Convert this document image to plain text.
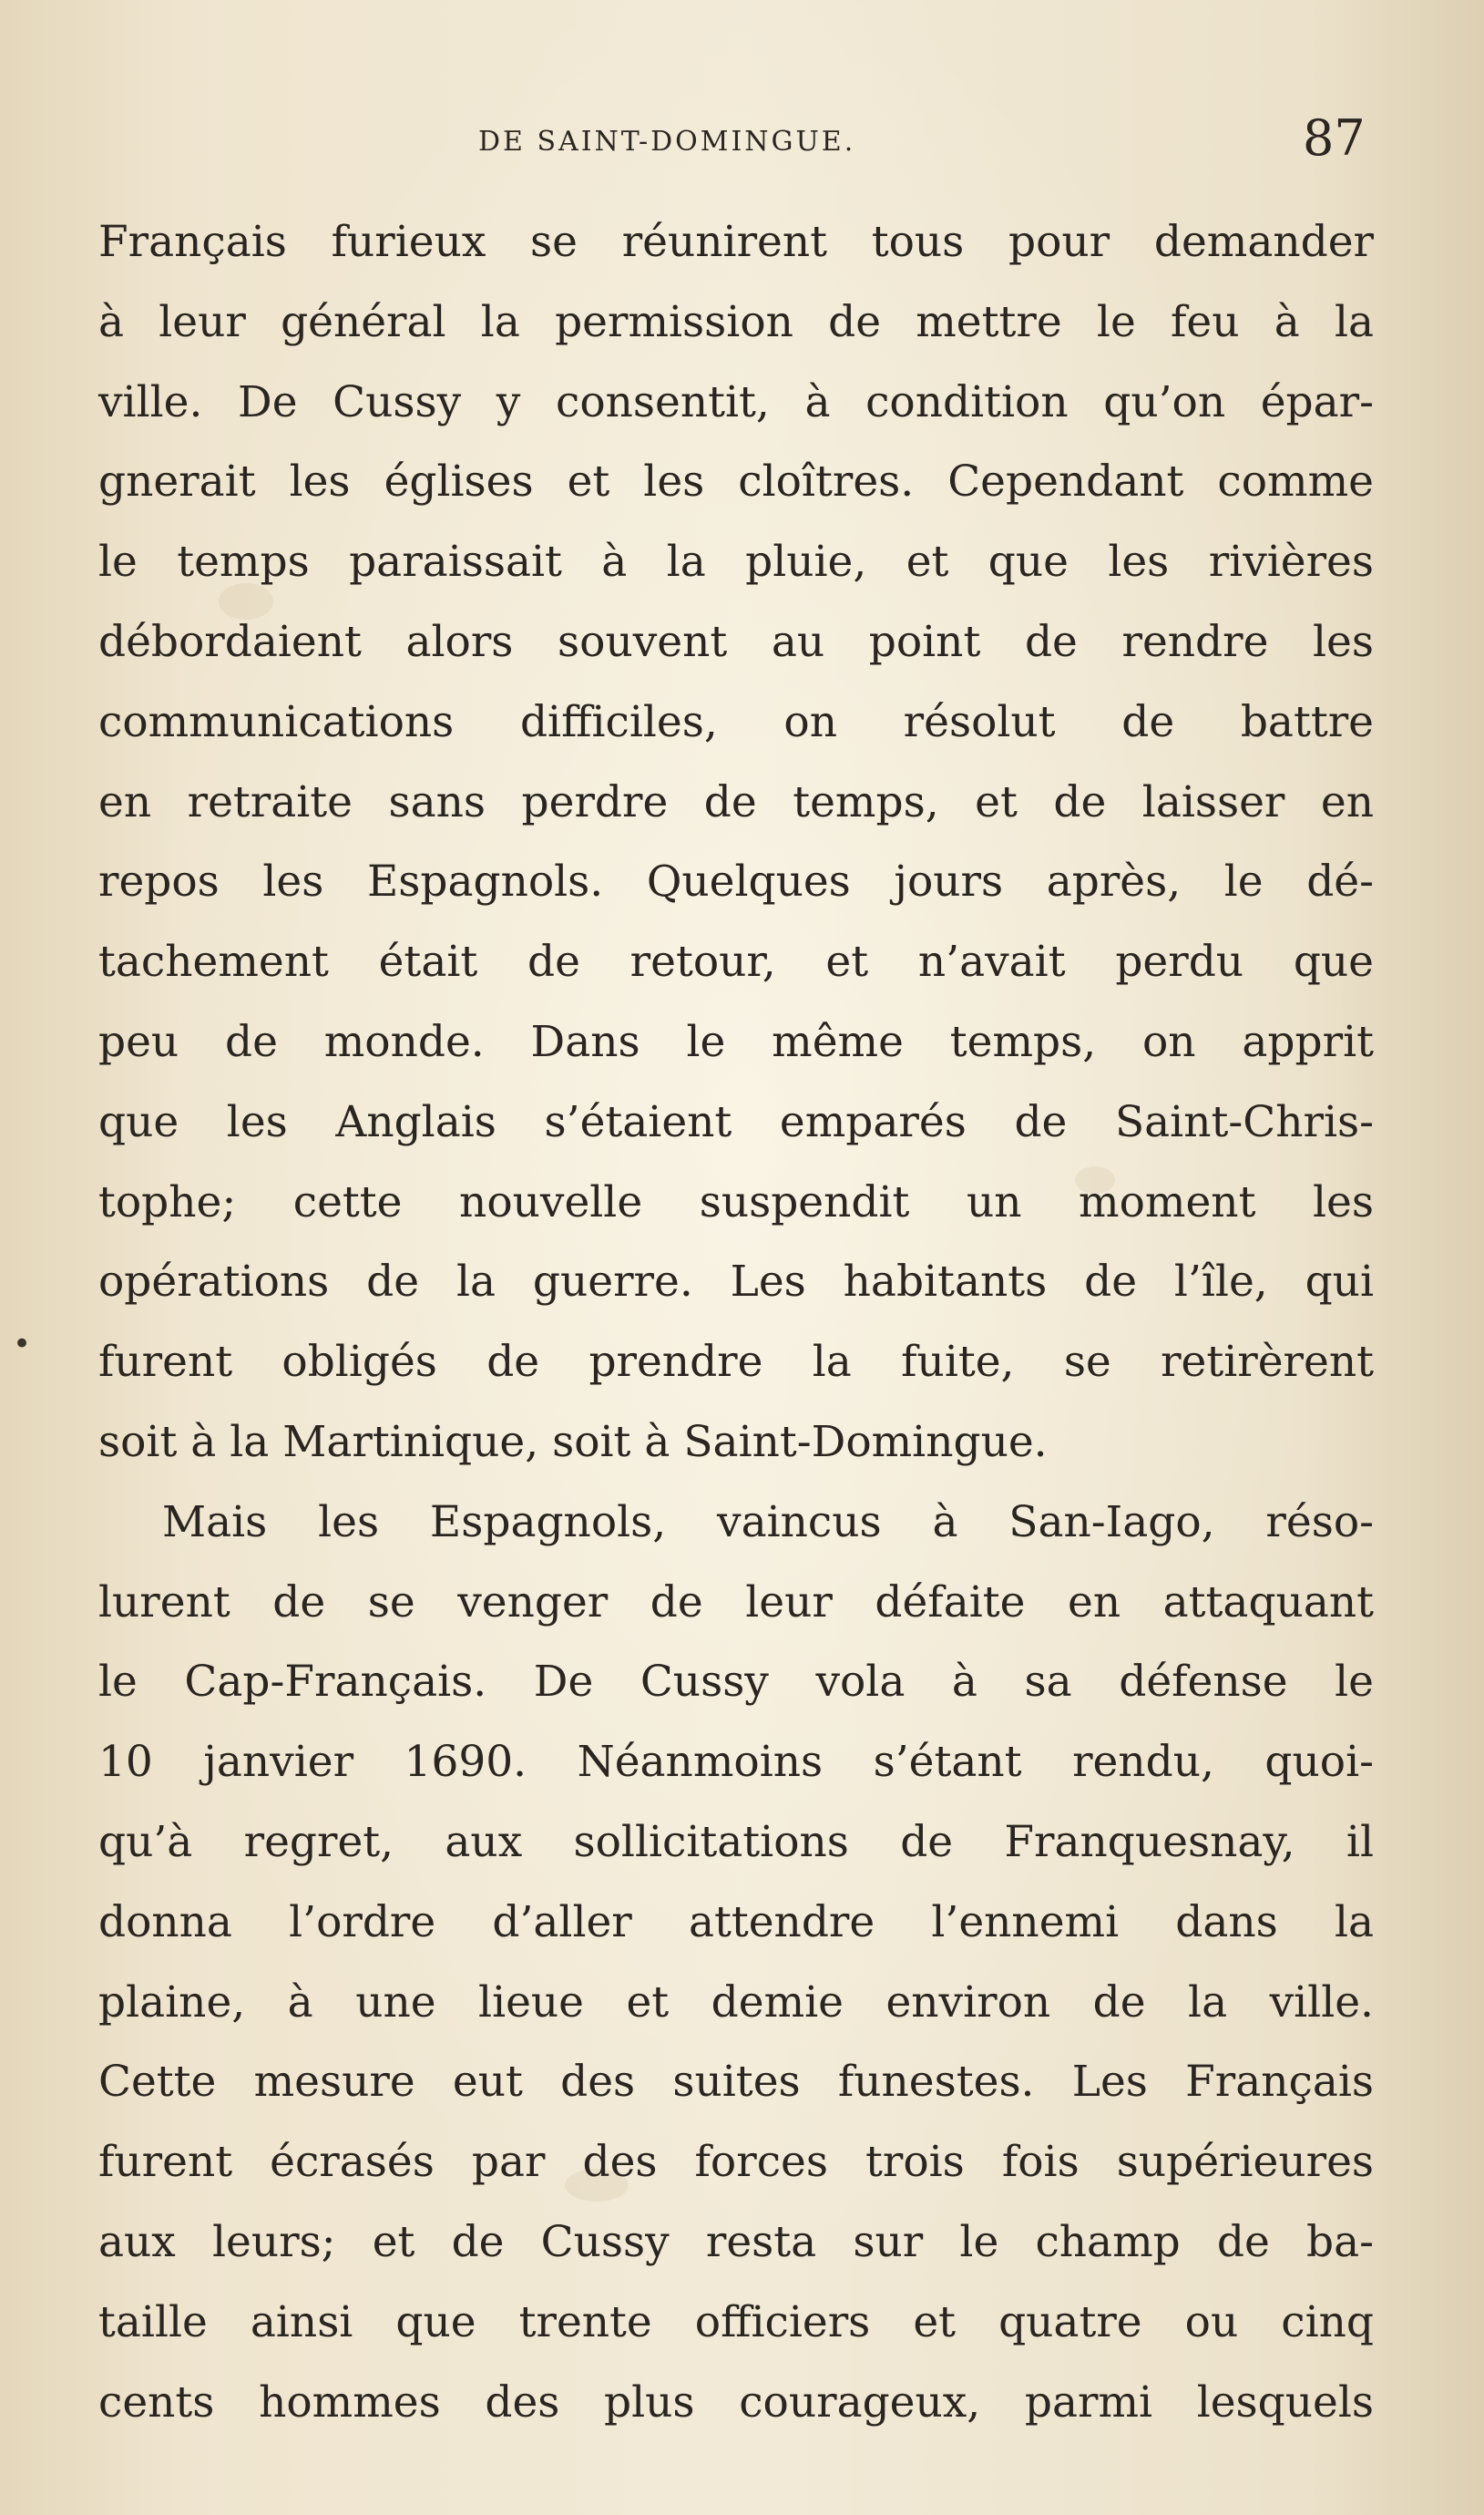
DE SAINT-DOMINGUE.	87
•
Français furieux se réunirent tous pour demander
à leur général la permission de mettre le feu à la
ville. De Cussy y consentit, à condition qu’on épar-
gnerait les églises et les cloîtres. Cependant comme
le temps paraissait à la pluie, et que les rivières
débordaient alors souvent au point de rendre les
communications difficiles, on résolut de battre
en retraite sans perdre de temps, et de laisser en
repos les Espagnols. Quelques jours après, le dé-
tachement était de retour, et n’avait perdu que
peu de monde. Dans le même temps, on apprit
que les Anglais s’étaient emparés de Saint-Chris-
tophe; cette nouvelle suspendit un moment les
opérations de la guerre. Les habitants de l’île, qui
furent obligés de prendre la fuite, se retirèrent
soit à la Martinique, soit à Saint-Domingue.
Mais les Espagnols, vaincus à San-Iago, réso-
lurent de se venger de leur défaite en attaquant
le Cap-Français. De Cussy vola à sa défense le
10 janvier 1690. Néanmoins s’étant rendu, quoi-
qu’à regret, aux sollicitations de Franquesnay, il
donna l’ordre d’aller attendre l’ennemi dans la
plaine, à une lieue et demie environ de la ville.
Cette mesure eut des suites funestes. Les Français
furent écrasés par des forces trois fois supérieures
aux leurs; et de Cussy resta sur le champ de ba-
taille ainsi que trente officiers et quatre ou cinq
cents hommes des plus courageux, parmi lesquels
